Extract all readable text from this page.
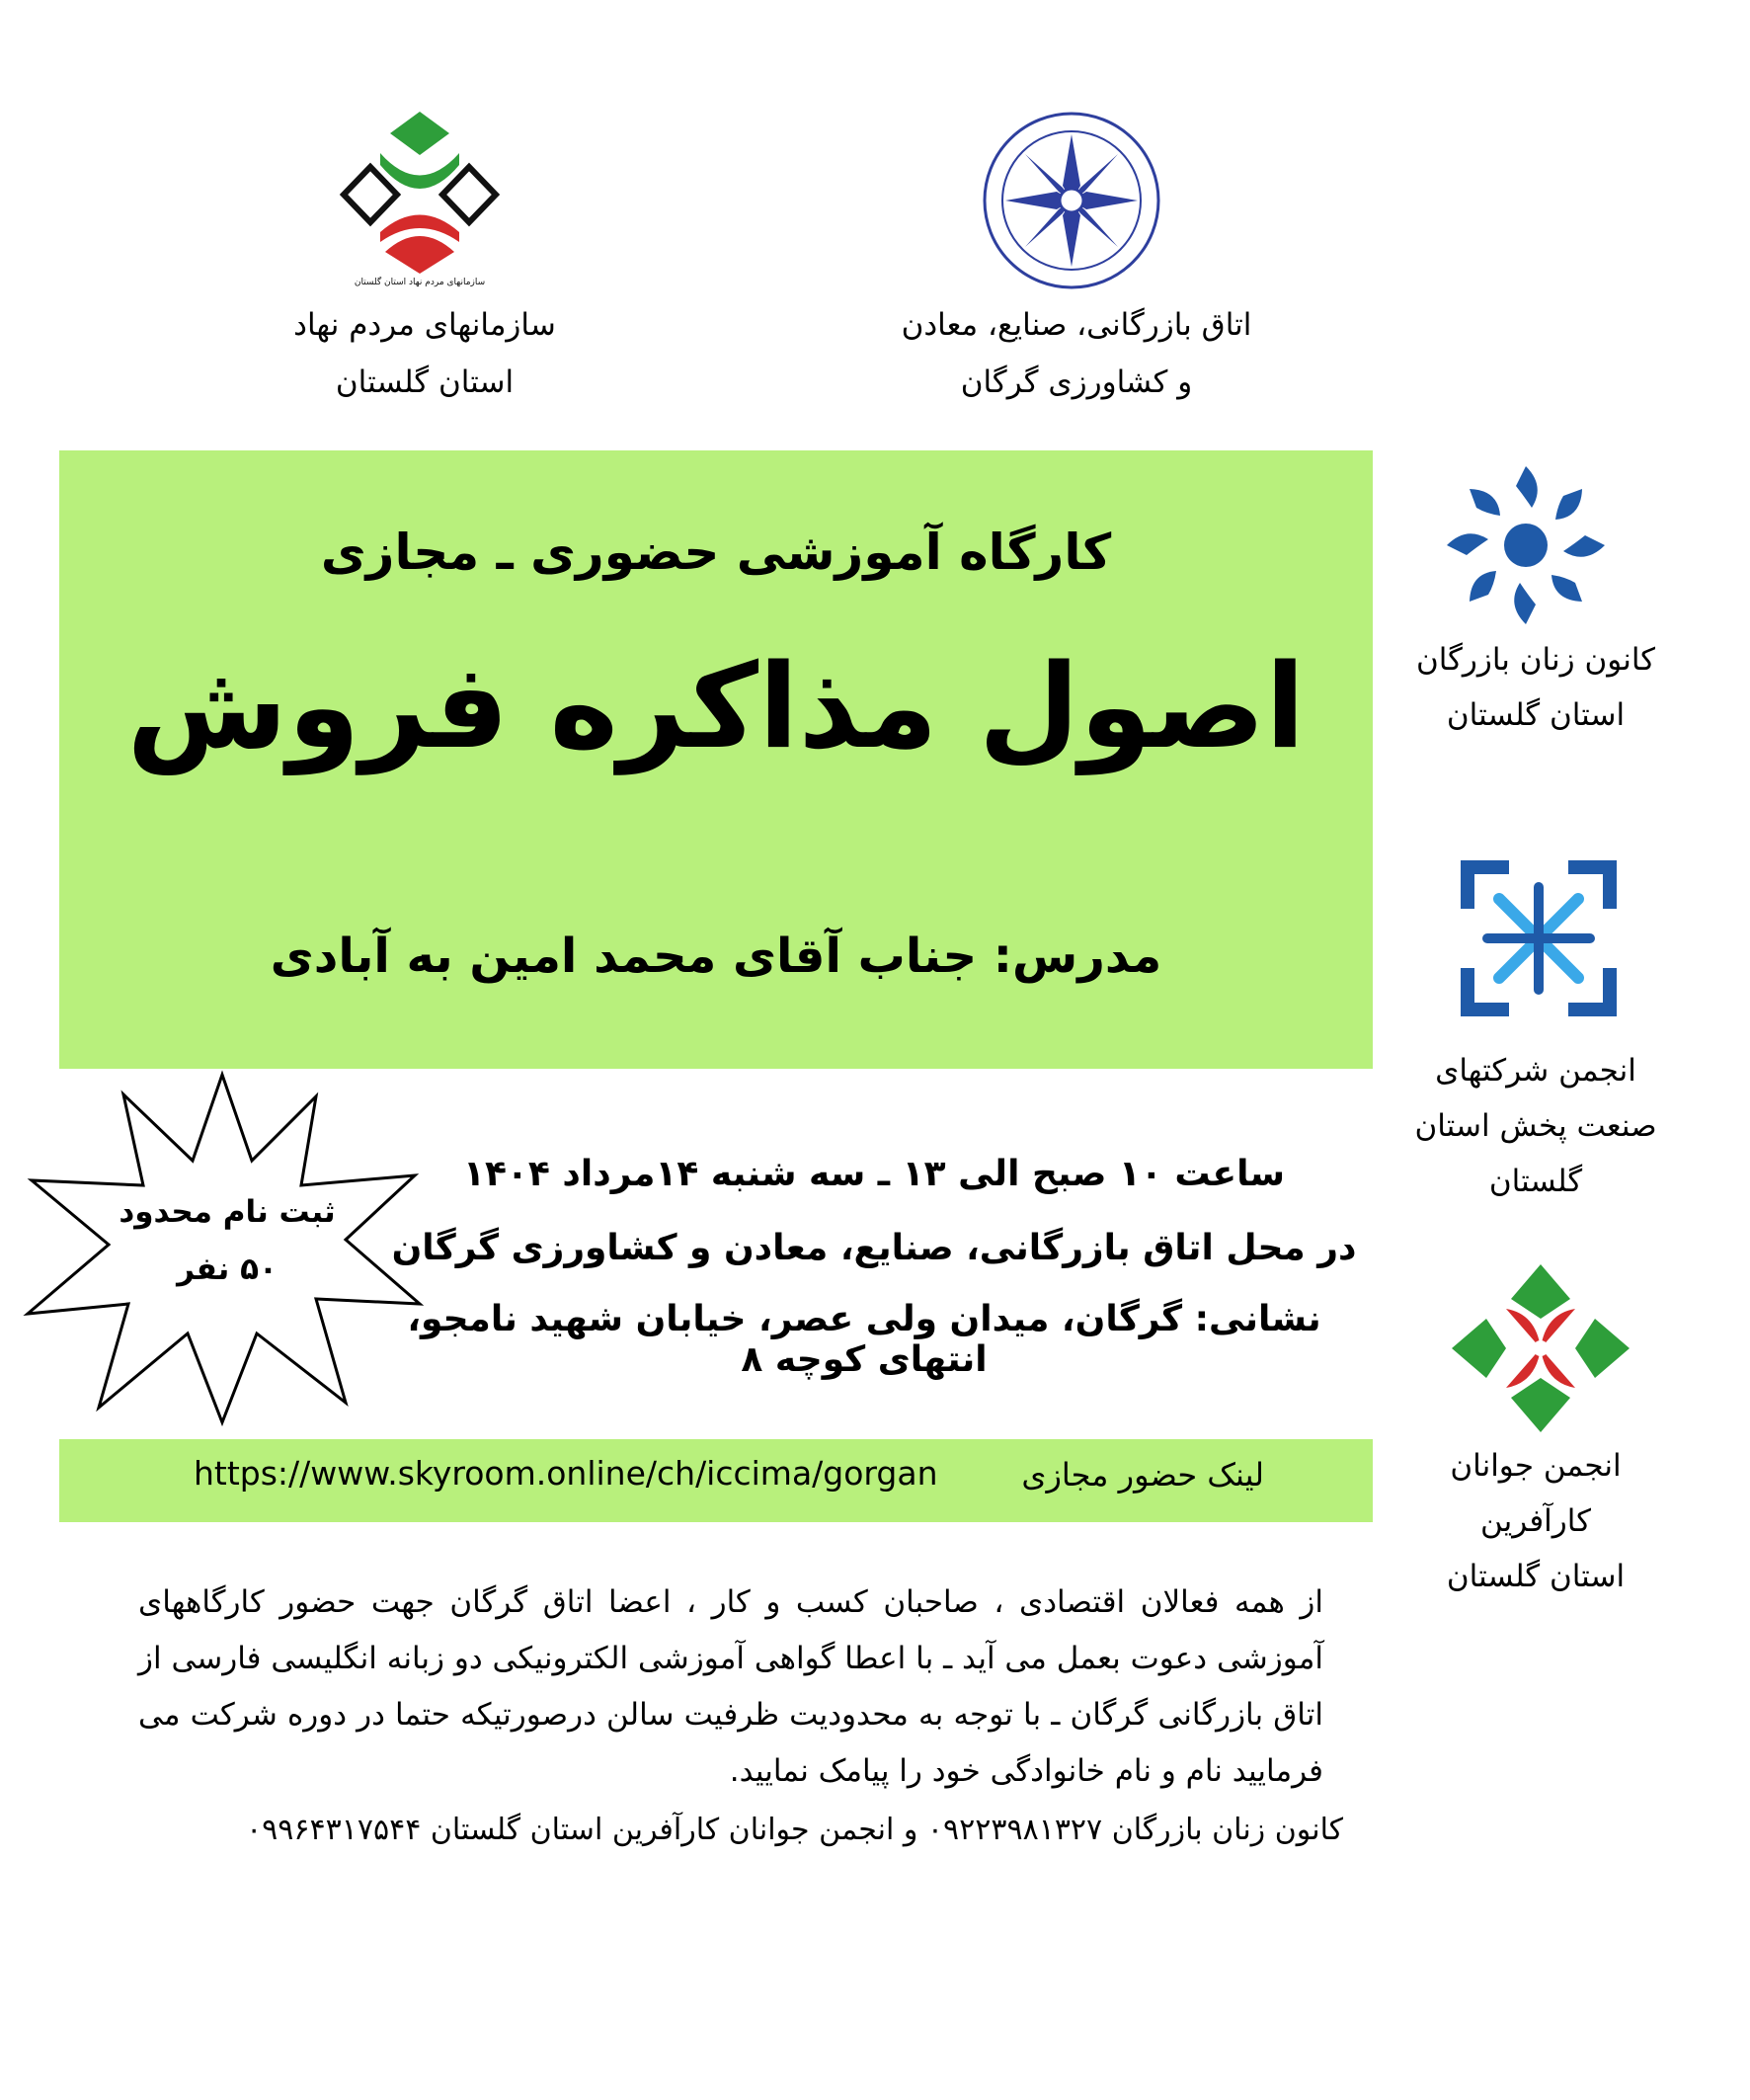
سازمانهای مردم نهاد استان گلستان
سازمانهای مردم نهاد
استان گلستان
اتاق بازرگانی، صنایع، معادن
و کشاورزی گرگان
کارگاه آموزشی حضوری ـ مجازی
اصول مذاکره فروش
مدرس: جناب آقای محمد امین به آبادی
کانون زنان بازرگان
استان گلستان
انجمن شرکتهای
صنعت پخش استان
گلستان
انجمن جوانان
کارآفرین
استان گلستان
ثبت نام محدود
۵۰ نفر
ساعت ۱۰ صبح الی ۱۳ ـ سه شنبه ۱۴مرداد ۱۴۰۴
در محل اتاق بازرگانی، صنایع، معادن و کشاورزی گرگان
نشانی: گرگان، میدان ولی عصر، خیابان شهید نامجو، انتهای کوچه ۸
لینک حضور مجازی
https://www.skyroom.online/ch/iccima/gorgan
از همه فعالان اقتصادی ، صاحبان کسب و کار ، اعضا اتاق گرگان جهت حضور کارگاههای آموزشی دعوت بعمل می آید ـ با اعطا گواهی آموزشی الکترونیکی دو زبانه انگلیسی فارسی از اتاق بازرگانی گرگان ـ با توجه به محدودیت ظرفیت سالن درصورتیکه حتما در دوره شرکت می فرمایید نام و نام خانوادگی خود را پیامک نمایید.
کانون زنان بازرگان ۰۹۲۲۳۹۸۱۳۲۷ و انجمن جوانان کارآفرین استان گلستان ۰۹۹۶۴۳۱۷۵۴۴
